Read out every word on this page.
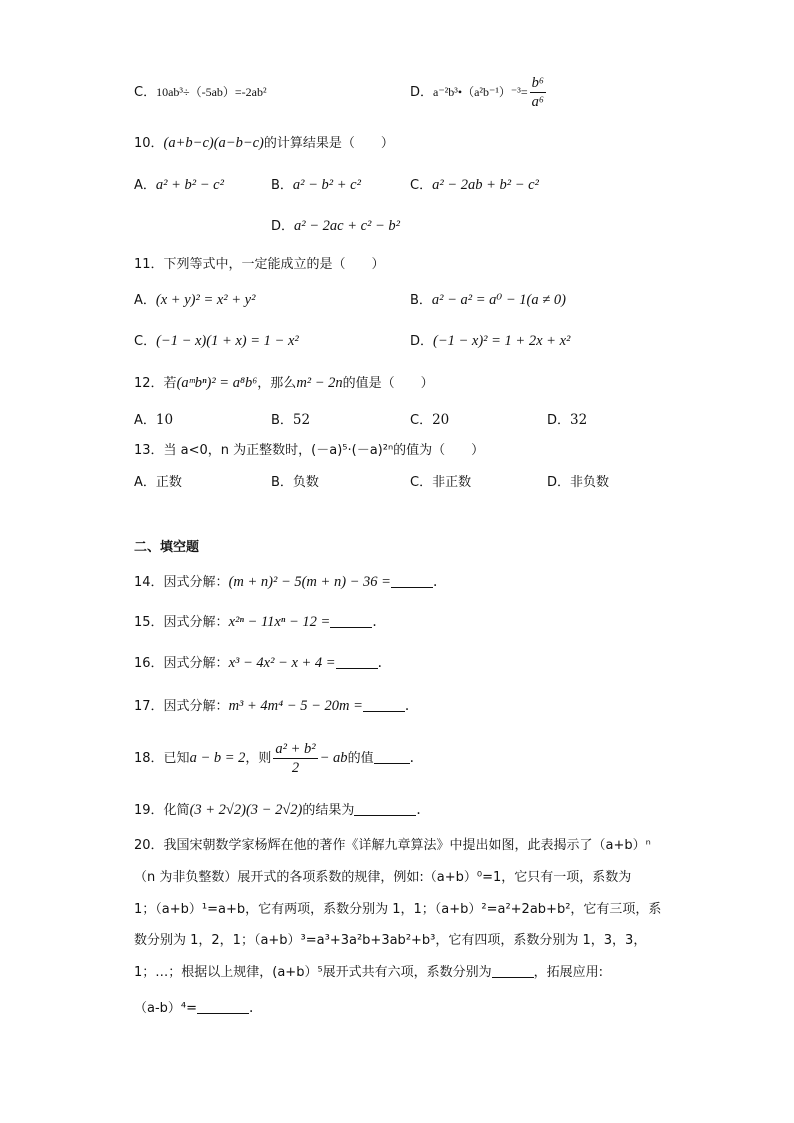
C．10ab³÷（-5ab）=-2ab²	D．a⁻²b³•（a²b⁻¹）⁻³= $\frac{\text{b⁶}}{\text{a⁶}}$
10．(a+b−c)(a−b−c)的计算结果是（　　）
A．a² + b² − c²	B．a² − b² + c²	C．a² − 2ab + b² − c²
D．a² − 2ac + c² − b²
11．下列等式中，一定能成立的是（　　）
A．(x + y)² = x² + y²	B．a² − a² = a⁰ − 1(a ≠ 0)
C．(−1 − x)(1 + x) = 1 − x²	D．(−1 − x)² = 1 + 2x + x²
12．若(aᵐbⁿ)² = a⁸b⁶，那么m² − 2n的值是（　　）
A．10	B．52	C．20	D．32
13．当 a<0，n 为正整数时，(－a)⁵·(－a)²ⁿ的值为（　　）
A．正数	B．负数	C．非正数	D．非负数
二、填空题
14．因式分解：(m + n)² − 5(m + n) − 36 =	.
15．因式分解：x²ⁿ − 11xⁿ − 12 =	.
16．因式分解：x³ − 4x² − x + 4 =	.
17．因式分解：m³ + 4m⁴ − 5 − 20m =	.
18．已知a − b = 2，则 $\frac{\text{a² + b²}}{2}$ − ab的值	.
19．化简(3 + 2√2)(3 − 2√2)的结果为	.
20．我国宋朝数学家杨辉在他的著作《详解九章算法》中提出如图，此表揭示了（a+b）ⁿ
（n 为非负整数）展开式的各项系数的规律，例如:（a+b）⁰=1，它只有一项，系数为
1；（a+b）¹=a+b，它有两项，系数分别为 1，1；（a+b）²=a²+2ab+b²，它有三项，系
数分别为 1，2，1；（a+b）³=a³+3a²b+3ab²+b³，它有四项，系数分别为 1，3，3，
1；…；根据以上规律，(a+b）⁵展开式共有六项，系数分别为	，拓展应用:
（a-b）⁴=	.
